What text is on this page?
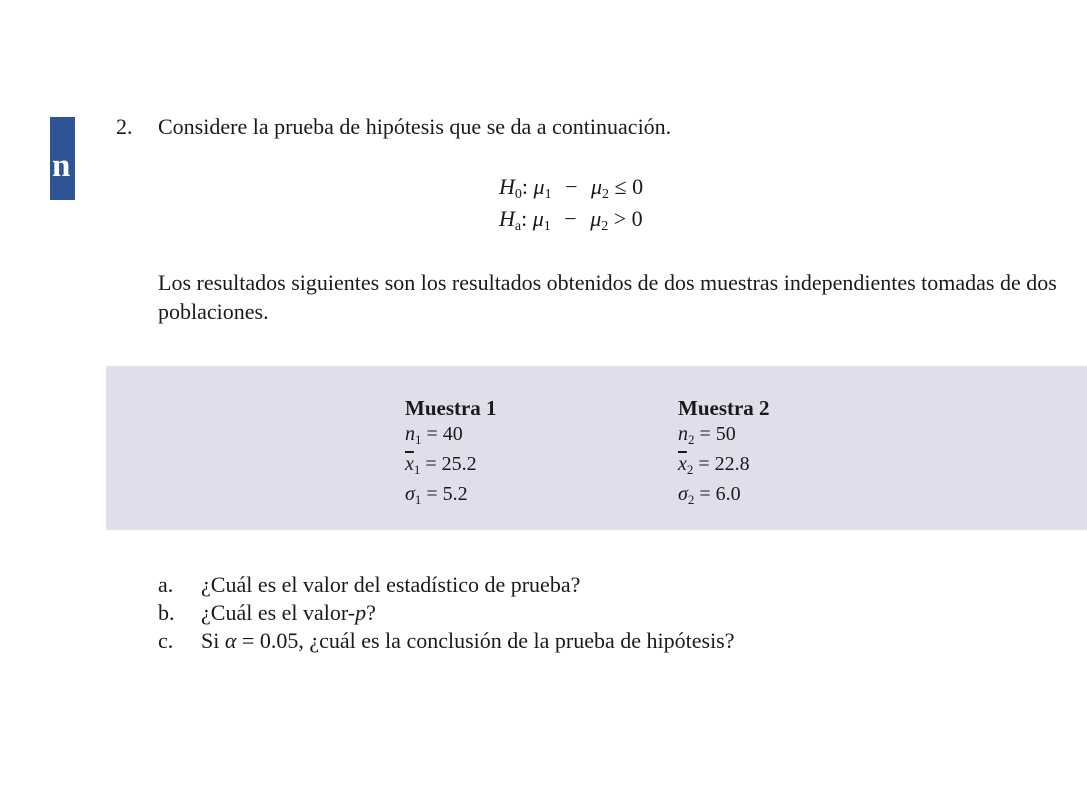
n
2. Considere la prueba de hipótesis que se da a continuación.
$H_0$: $\mu_1 - \mu_2 \le 0$
$H_a$: $\mu_1 - \mu_2 > 0$
Los resultados siguientes son los resultados obtenidos de dos muestras independientes tomadas de dos poblaciones.
Muestra 1
$n_1 = 40$
$\overline{x}_1 = 25.2$
$\sigma_1 = 5.2$
Muestra 2
$n_2 = 50$
$\overline{x}_2 = 22.8$
$\sigma_2 = 6.0$
a. ¿Cuál es el valor del estadístico de prueba?
b. ¿Cuál es el valor-p?
c. Si α = 0.05, ¿cuál es la conclusión de la prueba de hipótesis?
